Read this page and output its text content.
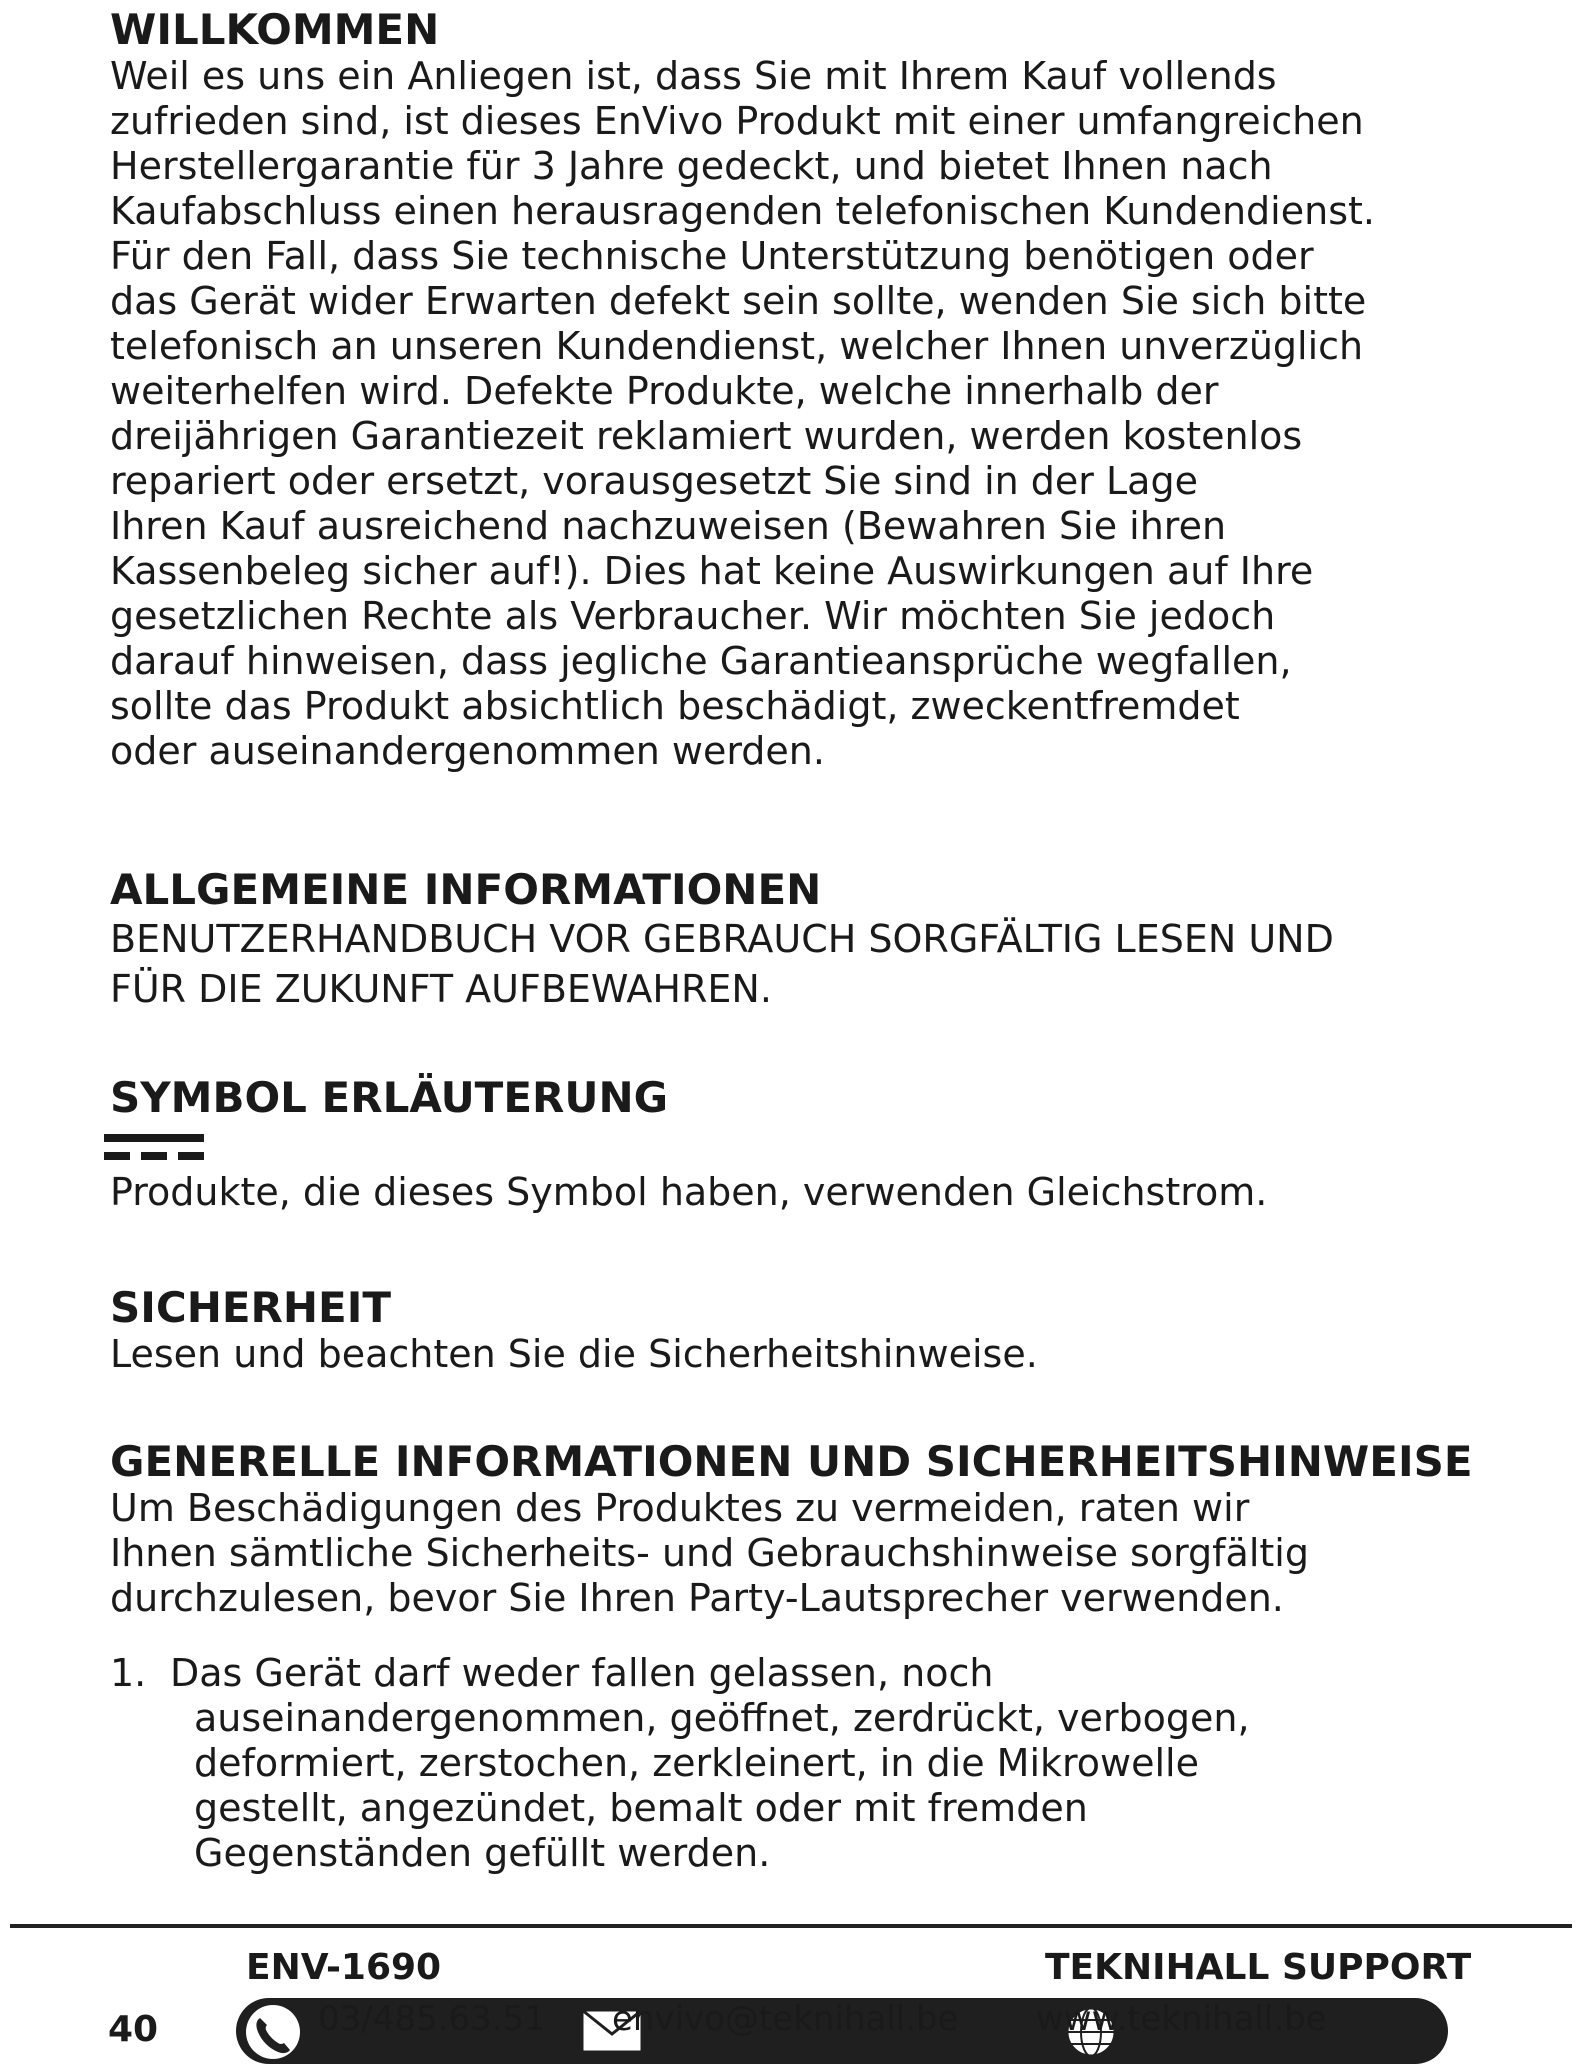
WILLKOMMEN

Weil es uns ein Anliegen ist, dass Sie mit Ihrem Kauf vollends
zufrieden sind, ist dieses EnVivo Produkt mit einer umfangreichen
Herstellergarantie für 3 Jahre gedeckt, und bietet Ihnen nach
Kaufabschluss einen herausragenden telefonischen Kundendienst.
Für den Fall, dass Sie technische Unterstützung benötigen oder
das Gerät wider Erwarten defekt sein sollte, wenden Sie sich bitte
telefonisch an unseren Kundendienst, welcher Ihnen unverzüglich
weiterhelfen wird. Defekte Produkte, welche innerhalb der
dreijährigen Garantiezeit reklamiert wurden, werden kostenlos
repariert oder ersetzt, vorausgesetzt Sie sind in der Lage
Ihren Kauf ausreichend nachzuweisen (Bewahren Sie ihren
Kassenbeleg sicher auf!). Dies hat keine Auswirkungen auf Ihre
gesetzlichen Rechte als Verbraucher. Wir möchten Sie jedoch
darauf hinweisen, dass jegliche Garantieansprüche wegfallen,
sollte das Produkt absichtlich beschädigt, zweckentfremdet
oder auseinandergenommen werden.

ALLGEMEINE INFORMATIONEN

BENUTZERHANDBUCH VOR GEBRAUCH SORGFÄLTIG LESEN UND
FÜR DIE ZUKUNFT AUFBEWAHREN.

SYMBOL ERLÄUTERUNG

Produkte, die dieses Symbol haben, verwenden Gleichstrom.

SICHERHEIT

Lesen und beachten Sie die Sicherheitshinweise.

GENERELLE INFORMATIONEN UND SICHERHEITSHINWEISE

Um Beschädigungen des Produktes zu vermeiden, raten wir
Ihnen sämtliche Sicherheits- und Gebrauchshinweise sorgfältig
durchzulesen, bevor Sie Ihren Party-Lautsprecher verwenden.

1. Das Gerät darf weder fallen gelassen, noch
auseinandergenommen, geöffnet, zerdrückt, verbogen,
deformiert, zerstochen, zerkleinert, in die Mikrowelle
gestellt, angezündet, bemalt oder mit fremden
Gegenständen gefüllt werden.
ENV-1690	TEKNIHALL SUPPORT
40	03/485.63.51 envivo@teknihall.be www.teknihall.be
